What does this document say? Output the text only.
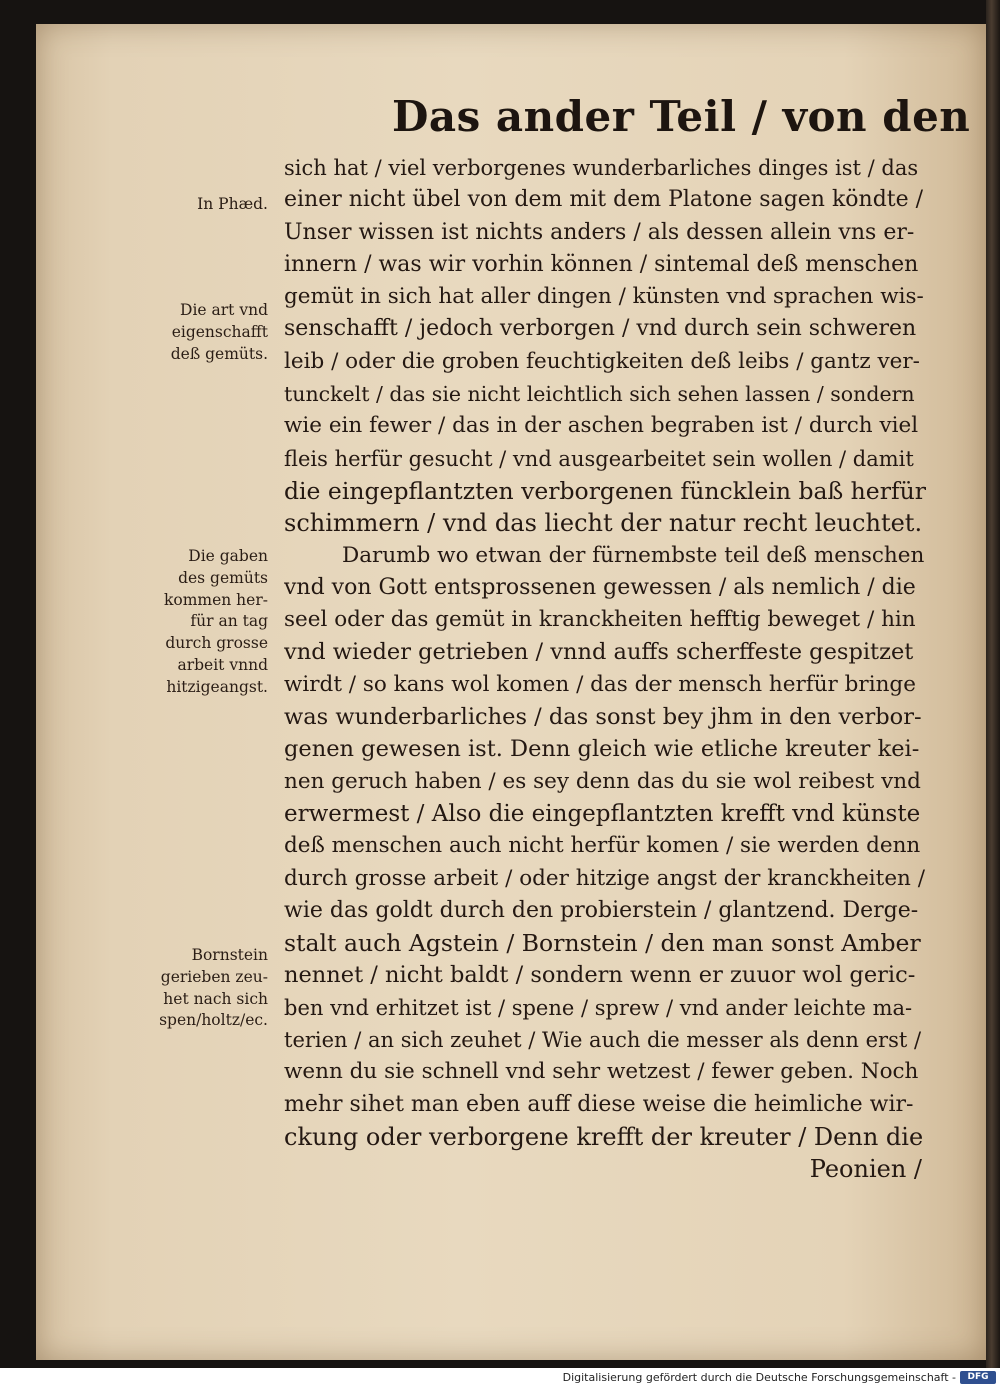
Das ander Teil / von den
sich hat / viel verborgenes wunderbarliches dinges ist / das
einer nicht übel von dem mit dem Platone sagen köndte /
Unser wissen ist nichts anders / als dessen allein vns er-
innern / was wir vorhin können / sintemal deß menschen
gemüt in sich hat aller dingen / künsten vnd sprachen wis-
senschafft / jedoch verborgen / vnd durch sein schweren
leib / oder die groben feuchtigkeiten deß leibs / gantz ver-
tunckelt / das sie nicht leichtlich sich sehen lassen / sondern
wie ein fewer / das in der aschen begraben ist / durch viel
fleis herfür gesucht / vnd ausgearbeitet sein wollen / damit
die eingepflantzten verborgenen füncklein baß herfür
schimmern / vnd das liecht der natur recht leuchtet.
Darumb wo etwan der fürnembste teil deß menschen
vnd von Gott entsprossenen gewessen / als nemlich / die
seel oder das gemüt in kranckheiten hefftig beweget / hin
vnd wieder getrieben / vnnd auffs scherffeste gespitzet
wirdt / so kans wol komen / das der mensch herfür bringe
was wunderbarliches / das sonst bey jhm in den verbor-
genen gewesen ist. Denn gleich wie etliche kreuter kei-
nen geruch haben / es sey denn das du sie wol reibest vnd
erwermest / Also die eingepflantzten krefft vnd künste
deß menschen auch nicht herfür komen / sie werden denn
durch grosse arbeit / oder hitzige angst der kranckheiten /
wie das goldt durch den probierstein / glantzend. Derge-
stalt auch Agstein / Bornstein / den man sonst Amber
nennet / nicht baldt / sondern wenn er zuuor wol geric-
ben vnd erhitzet ist / spene / sprew / vnd ander leichte ma-
terien / an sich zeuhet / Wie auch die messer als denn erst /
wenn du sie schnell vnd sehr wetzest / fewer geben. Noch
mehr sihet man eben auff diese weise die heimliche wir-
ckung oder verborgene krefft der kreuter / Denn die
Peonien /
In Phæd.
Die art vnd
eigenschafft
deß gemüts.
Die gaben
des gemüts
kommen her-
für an tag
durch grosse
arbeit vnnd
hitzigeangst.
Bornstein
gerieben zeu-
het nach sich
spen/holtz/ec.
Digitalisierung gefördert durch die Deutsche Forschungsgemeinschaft -	DFG
